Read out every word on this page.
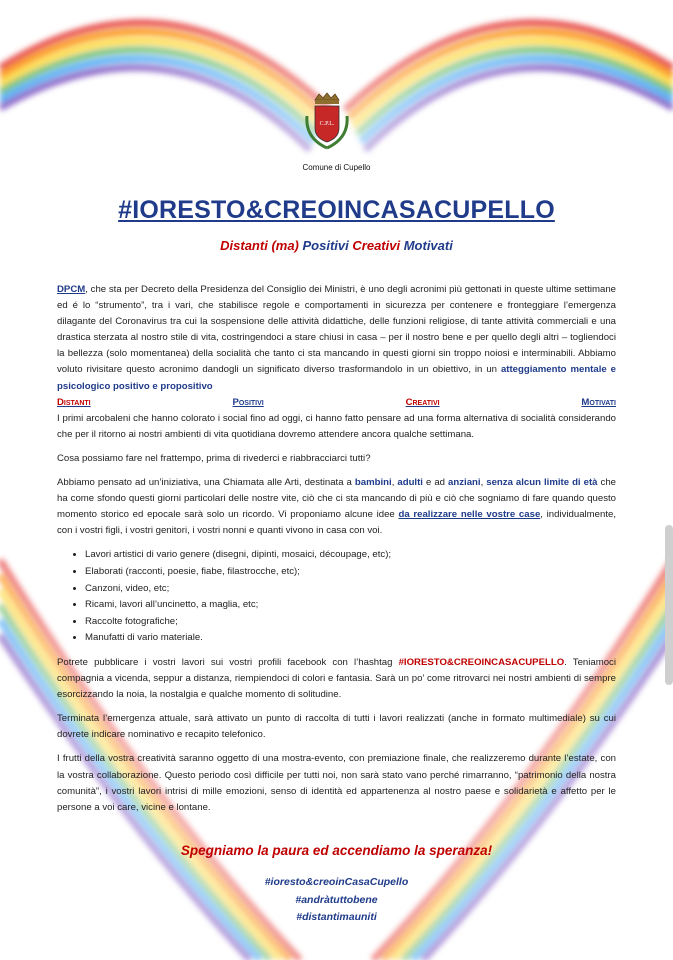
C.P.L.
Comune di Cupello
#IORESTO&CREOINCASACUPELLO
Distanti (ma) Positivi Creativi Motivati

DPCM, che sta per Decreto della Presidenza del Consiglio dei Ministri, è uno degli acronimi più gettonati in queste ultime settimane ed é lo “strumento”, tra i vari, che stabilisce regole e comportamenti in sicurezza per contenere e fronteggiare l’emergenza dilagante del Coronavirus tra cui la sospensione delle attività didattiche, delle funzioni religiose, di tante attività commerciali e una drastica sterzata al nostro stile di vita, costringendoci a stare chiusi in casa – per il nostro bene e per quello degli altri – togliendoci la bellezza (solo momentanea) della socialità che tanto ci sta mancando in questi giorni sin troppo noiosi e interminabili. Abbiamo voluto rivisitare questo acronimo dandogli un significato diverso trasformandolo in un obiettivo, in un atteggiamento mentale e psicologico positivo e propositivo

Distanti	Positivi	Creativi	Motivati

I primi arcobaleni che hanno colorato i social fino ad oggi, ci hanno fatto pensare ad una forma alternativa di socialità considerando che per il ritorno ai nostri ambienti di vita quotidiana dovremo attendere ancora qualche settimana.

Cosa possiamo fare nel frattempo, prima di rivederci e riabbracciarci tutti?

Abbiamo pensato ad un’iniziativa, una Chiamata alle Arti, destinata a bambini, adulti e ad anziani, senza alcun limite di età che ha come sfondo questi giorni particolari delle nostre vite, ciò che ci sta mancando di più e ciò che sogniamo di fare quando questo momento storico ed epocale sarà solo un ricordo. Vi proponiamo alcune idee da realizzare nelle vostre case, individualmente, con i vostri figli, i vostri genitori, i vostri nonni e quanti vivono in casa con voi.

• Lavori artistici di vario genere (disegni, dipinti, mosaici, découpage, etc);
• Elaborati (racconti, poesie, fiabe, filastrocche, etc);
• Canzoni, video, etc;
• Ricami, lavori all’uncinetto, a maglia, etc;
• Raccolte fotografiche;
• Manufatti di vario materiale.

Potrete pubblicare i vostri lavori sui vostri profili facebook con l’hashtag #IORESTO&CREOINCASACUPELLO. Teniamoci compagnia a vicenda, seppur a distanza, riempiendoci di colori e fantasia. Sarà un po’ come ritrovarci nei nostri ambienti di sempre esorcizzando la noia, la nostalgia e qualche momento di solitudine.

Terminata l’emergenza attuale, sarà attivato un punto di raccolta di tutti i lavori realizzati (anche in formato multimediale) su cui dovrete indicare nominativo e recapito telefonico.

I frutti della vostra creatività saranno oggetto di una mostra-evento, con premiazione finale, che realizzeremo durante l’estate, con la vostra collaborazione. Questo periodo così difficile per tutti noi, non sarà stato vano perché rimarranno, “patrimonio della nostra comunità”, i vostri lavori intrisi di mille emozioni, senso di identità ed appartenenza al nostro paese e solidarietà e affetto per le persone a voi care, vicine e lontane.

Spegniamo la paura ed accendiamo la speranza!
#ioresto&creoinCasaCupello
#andràtuttobene
#distantimauniti
